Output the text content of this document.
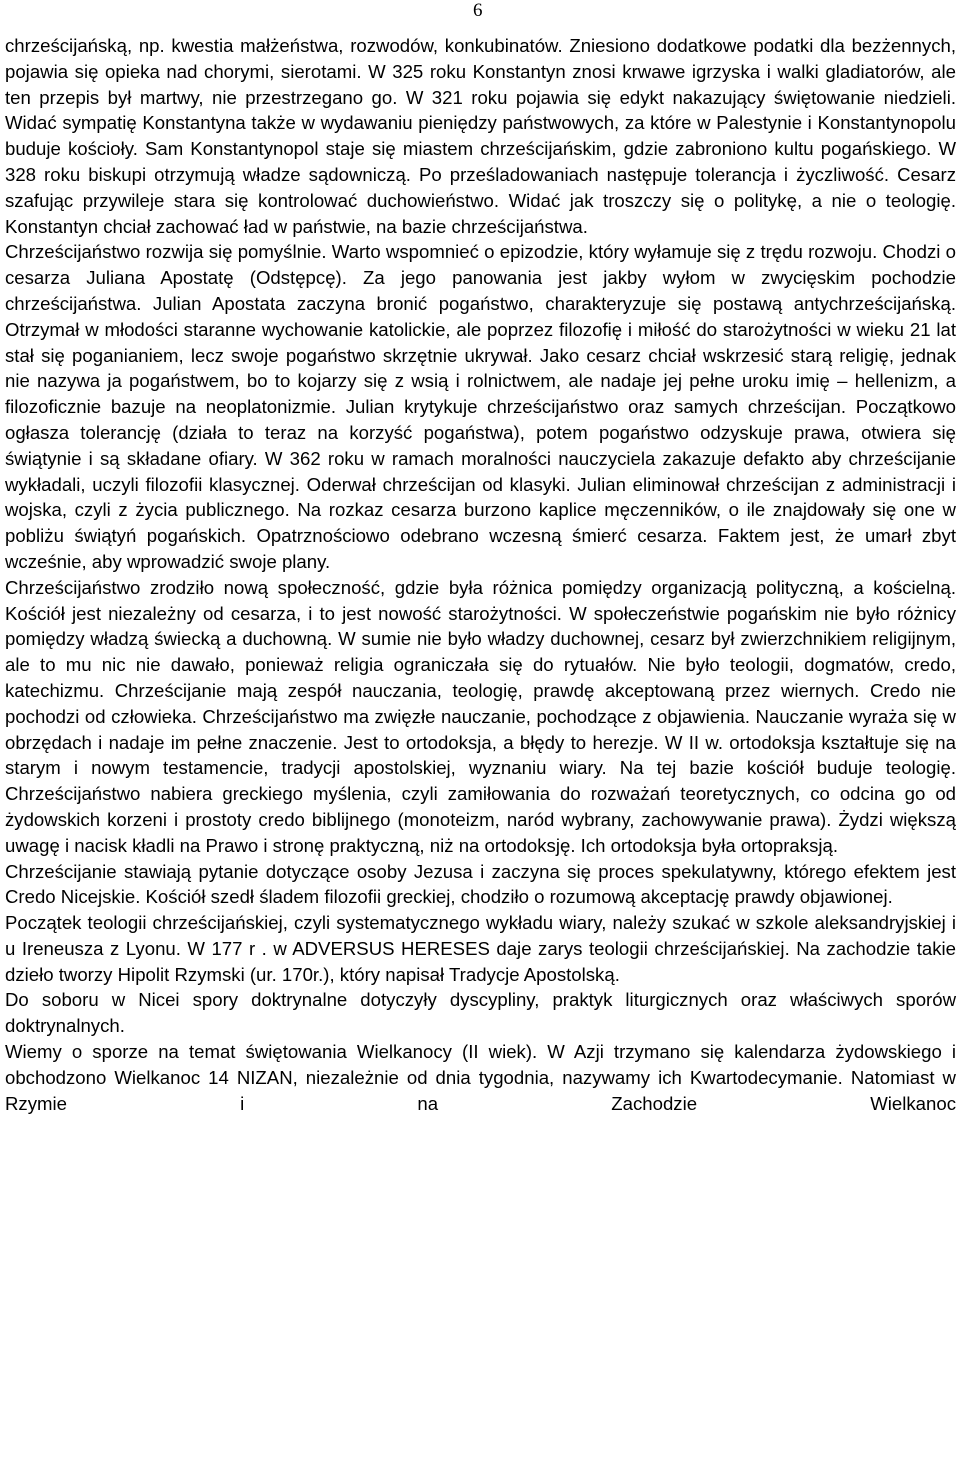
6

chrześcijańską, np. kwestia małżeństwa, rozwodów, konkubinatów. Zniesiono dodatkowe podatki dla bezżennych, pojawia się opieka nad chorymi, sierotami. W 325 roku Konstantyn znosi krwawe igrzyska i walki gladiatorów, ale ten przepis był martwy, nie przestrzegano go. W 321 roku pojawia się edykt nakazujący świętowanie niedzieli. Widać sympatię Konstantyna także w wydawaniu pieniędzy państwowych, za które w Palestynie i Konstantynopolu buduje kościoły. Sam Konstantynopol staje się miastem chrześcijańskim, gdzie zabroniono kultu pogańskiego. W 328 roku biskupi otrzymują władze sądowniczą. Po prześladowaniach następuje tolerancja i życzliwość. Cesarz szafując przywileje stara się kontrolować duchowieństwo. Widać jak troszczy się o politykę, a nie o teologię. Konstantyn chciał zachować ład w państwie, na bazie chrześcijaństwa.

Chrześcijaństwo rozwija się pomyślnie. Warto wspomnieć o epizodzie, który wyłamuje się z trędu rozwoju. Chodzi o cesarza Juliana Apostatę (Odstępcę). Za jego panowania jest jakby wyłom w zwycięskim pochodzie chrześcijaństwa. Julian Apostata zaczyna bronić pogaństwo, charakteryzuje się postawą antychrześcijańską. Otrzymał w młodości staranne wychowanie katolickie, ale poprzez filozofię i miłość do starożytności w wieku 21 lat stał się poganianiem, lecz swoje pogaństwo skrzętnie ukrywał. Jako cesarz chciał wskrzesić starą religię, jednak nie nazywa ja pogaństwem, bo to kojarzy się z wsią i rolnictwem, ale nadaje jej pełne uroku imię – hellenizm, a filozoficznie bazuje na neoplatonizmie. Julian krytykuje chrześcijaństwo oraz samych chrześcijan. Początkowo ogłasza tolerancję (działa to teraz na korzyść pogaństwa), potem pogaństwo odzyskuje prawa, otwiera się świątynie i są składane ofiary. W 362 roku w ramach moralności nauczyciela zakazuje defakto aby chrześcijanie wykładali, uczyli filozofii klasycznej. Oderwał chrześcijan od klasyki. Julian eliminował chrześcijan z administracji i wojska, czyli z życia publicznego. Na rozkaz cesarza burzono kaplice męczenników, o ile znajdowały się one w pobliżu świątyń pogańskich. Opatrznościowo odebrano wczesną śmierć cesarza. Faktem jest, że umarł zbyt wcześnie, aby wprowadzić swoje plany.

Chrześcijaństwo zrodziło nową społeczność, gdzie była różnica pomiędzy organizacją polityczną, a kościelną. Kościół jest niezależny od cesarza, i to jest nowość starożytności. W społeczeństwie pogańskim nie było różnicy pomiędzy władzą świecką a duchowną. W sumie nie było władzy duchownej, cesarz był zwierzchnikiem religijnym, ale to mu nic nie dawało, ponieważ religia ograniczała się do rytuałów. Nie było teologii, dogmatów, credo, katechizmu. Chrześcijanie mają zespół nauczania, teologię, prawdę akceptowaną przez wiernych. Credo nie pochodzi od człowieka. Chrześcijaństwo ma zwięzłe nauczanie, pochodzące z objawienia. Nauczanie wyraża się w obrzędach i nadaje im pełne znaczenie. Jest to ortodoksja, a błędy to herezje. W II w. ortodoksja kształtuje się na starym i nowym testamencie, tradycji apostolskiej, wyznaniu wiary. Na tej bazie kościół buduje teologię. Chrześcijaństwo nabiera greckiego myślenia, czyli zamiłowania do rozważań teoretycznych, co odcina go od żydowskich korzeni i prostoty credo biblijnego (monoteizm, naród wybrany, zachowywanie prawa). Żydzi większą uwagę i nacisk kładli na Prawo i stronę praktyczną, niż na ortodoksję. Ich ortodoksja była ortopraksją.

Chrześcijanie stawiają pytanie dotyczące osoby Jezusa i zaczyna się proces spekulatywny, którego efektem jest Credo Nicejskie. Kościół szedł śladem filozofii greckiej, chodziło o rozumową akceptację prawdy objawionej.

Początek teologii chrześcijańskiej, czyli systematycznego wykładu wiary, należy szukać w szkole aleksandryjskiej i u Ireneusza z Lyonu. W 177 r . w ADVERSUS HERESES daje zarys teologii chrześcijańskiej. Na zachodzie takie dzieło tworzy Hipolit Rzymski (ur. 170r.), który napisał Tradycje Apostolską.

Do soboru w Nicei spory doktrynalne dotyczyły dyscypliny, praktyk liturgicznych oraz właściwych sporów doktrynalnych.

Wiemy o sporze na temat świętowania Wielkanocy (II wiek). W Azji trzymano się kalendarza żydowskiego i obchodzono Wielkanoc 14 NIZAN, niezależnie od dnia tygodnia, nazywamy ich Kwartodecymanie. Natomiast w Rzymie i na Zachodzie Wielkanoc
